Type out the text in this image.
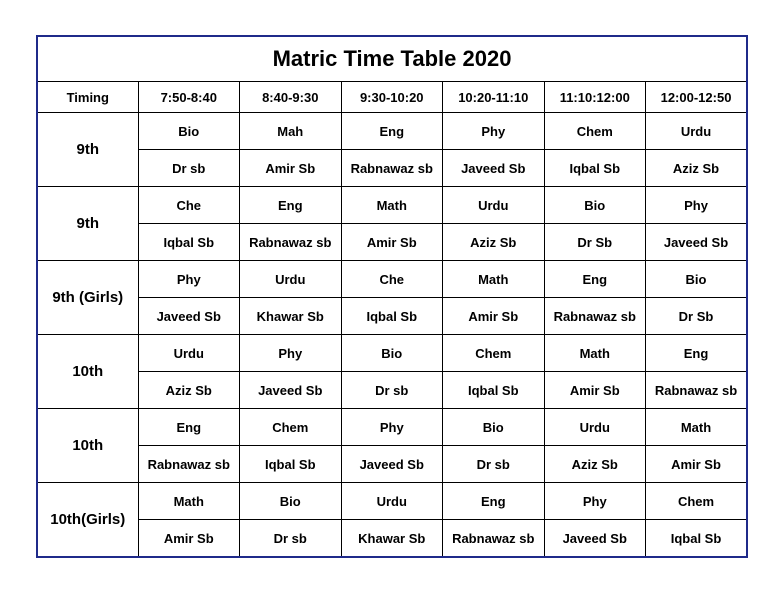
Matric Time Table 2020						
Timing	7:50-8:40	8:40-9:30	9:30-10:20	10:20-11:10	11:10:12:00	12:00-12:50
9th	Bio	Mah	Eng	Phy	Chem	Urdu
	Dr sb	Amir Sb	Rabnawaz sb	Javeed Sb	Iqbal Sb	Aziz Sb
9th	Che	Eng	Math	Urdu	Bio	Phy
	Iqbal Sb	Rabnawaz sb	Amir Sb	Aziz Sb	Dr Sb	Javeed Sb
9th (Girls)	Phy	Urdu	Che	Math	Eng	Bio
	Javeed Sb	Khawar Sb	Iqbal Sb	Amir Sb	Rabnawaz sb	Dr Sb
10th	Urdu	Phy	Bio	Chem	Math	Eng
	Aziz Sb	Javeed Sb	Dr sb	Iqbal Sb	Amir Sb	Rabnawaz sb
10th	Eng	Chem	Phy	Bio	Urdu	Math
	Rabnawaz sb	Iqbal Sb	Javeed Sb	Dr sb	Aziz Sb	Amir Sb
10th(Girls)	Math	Bio	Urdu	Eng	Phy	Chem
	Amir Sb	Dr sb	Khawar Sb	Rabnawaz sb	Javeed Sb	Iqbal Sb
